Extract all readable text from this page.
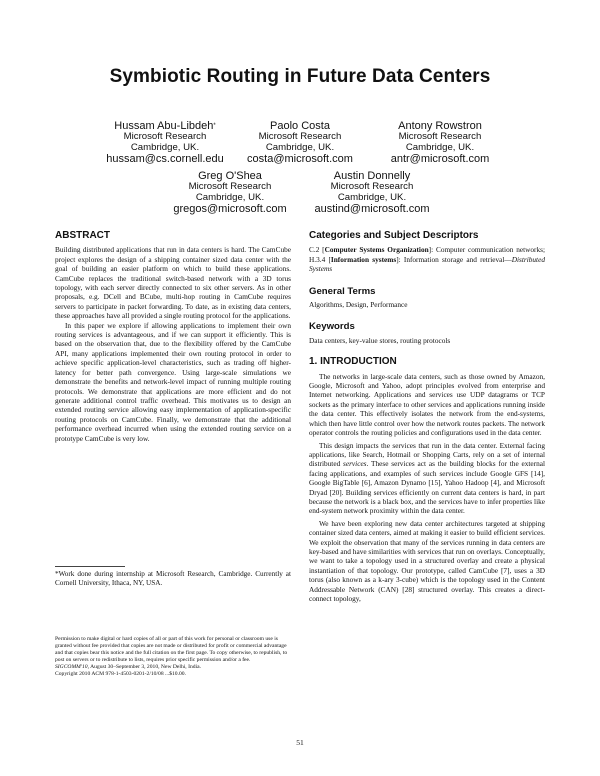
Symbiotic Routing in Future Data Centers
Hussam Abu-Libdeh*
Microsoft Research
Cambridge, UK.
hussam@cs.cornell.edu
Paolo Costa
Microsoft Research
Cambridge, UK.
costa@microsoft.com
Antony Rowstron
Microsoft Research
Cambridge, UK.
antr@microsoft.com
Greg O'Shea
Microsoft Research
Cambridge, UK.
gregos@microsoft.com
Austin Donnelly
Microsoft Research
Cambridge, UK.
austind@microsoft.com
ABSTRACT

Building distributed applications that run in data centers is hard. The CamCube project explores the design of a shipping container sized data center with the goal of building an easier platform on which to build these applications. CamCube replaces the traditional switch-based network with a 3D torus topology, with each server directly connected to six other servers. As in other proposals, e.g. DCell and BCube, multi-hop routing in CamCube requires servers to participate in packet forwarding. To date, as in existing data centers, these approaches have all provided a single routing protocol for the applications.

In this paper we explore if allowing applications to implement their own routing services is advantageous, and if we can support it efficiently. This is based on the observation that, due to the flexibility offered by the CamCube API, many applications implemented their own routing protocol in order to achieve specific application-level characteristics, such as trading off higher-latency for better path convergence. Using large-scale simulations we demonstrate the benefits and network-level impact of running multiple routing protocols. We demonstrate that applications are more efficient and do not generate additional control traffic overhead. This motivates us to design an extended routing service allowing easy implementation of application-specific routing protocols on CamCube. Finally, we demonstrate that the additional performance overhead incurred when using the extended routing service on a prototype CamCube is very low.

*Work done during internship at Microsoft Research, Cambridge. Currently at Cornell University, Ithaca, NY, USA.
Permission to make digital or hard copies of all or part of this work for personal or classroom use is granted without fee provided that copies are not made or distributed for profit or commercial advantage and that copies bear this notice and the full citation on the first page. To copy otherwise, to republish, to post on servers or to redistribute to lists, requires prior specific permission and/or a fee.
SIGCOMM'10, August 30–September 3, 2010, New Delhi, India.
Copyright 2010 ACM 978-1-4503-0201-2/10/08 ...$10.00.
Categories and Subject Descriptors

C.2 [Computer Systems Organization]: Computer communication networks; H.3.4 [Information systems]: Information storage and retrieval—Distributed Systems

General Terms

Algorithms, Design, Performance

Keywords

Data centers, key-value stores, routing protocols

1. INTRODUCTION

The networks in large-scale data centers, such as those owned by Amazon, Google, Microsoft and Yahoo, adopt principles evolved from enterprise and Internet networking. Applications and services use UDP datagrams or TCP sockets as the primary interface to other services and applications running inside the data center. This effectively isolates the network from the end-systems, which then have little control over how the network routes packets. The network operator controls the routing policies and configurations used in the data center.

This design impacts the services that run in the data center. External facing applications, like Search, Hotmail or Shopping Carts, rely on a set of internal distributed services. These services act as the building blocks for the external facing applications, and examples of such services include Google GFS [14], Google BigTable [6], Amazon Dynamo [15], Yahoo Hadoop [4], and Microsoft Dryad [20]. Building services efficiently on current data centers is hard, in part because the network is a black box, and the services have to infer properties like end-system network proximity within the data center.

We have been exploring new data center architectures targeted at shipping container sized data centers, aimed at making it easier to build efficient services. We exploit the observation that many of the services running in data centers are key-based and have similarities with services that run on overlays. Conceptually, we want to take a topology used in a structured overlay and create a physical instantiation of that topology. Our prototype, called CamCube [7], uses a 3D torus (also known as a k-ary 3-cube) which is the topology used in the Content Addressable Network (CAN) [28] structured overlay. This creates a direct-connect topology,

51
